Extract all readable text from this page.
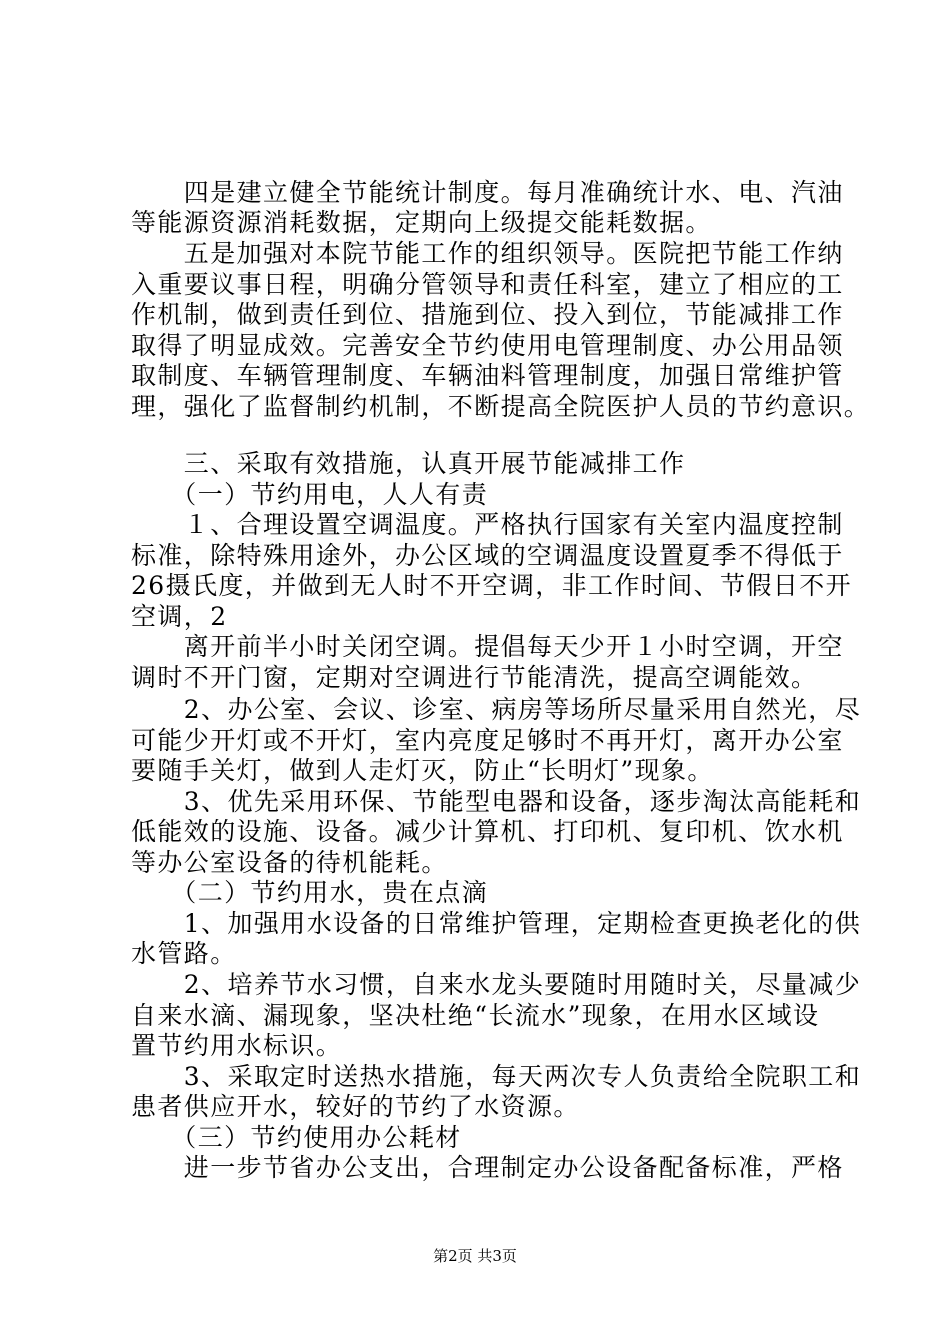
　　四是建立健全节能统计制度。每月准确统计水、电、汽油
等能源资源消耗数据，定期向上级提交能耗数据。
　　五是加强对本院节能工作的组织领导。医院把节能工作纳
入重要议事日程，明确分管领导和责任科室，建立了相应的工
作机制，做到责任到位、措施到位、投入到位，节能减排工作
取得了明显成效。完善安全节约使用电管理制度、办公用品领
取制度、车辆管理制度、车辆油料管理制度，加强日常维护管
理，强化了监督制约机制，不断提高全院医护人员的节约意识。
　　三、采取有效措施，认真开展节能减排工作
　　（一）节约用电，人人有责
　　１、合理设置空调温度。严格执行国家有关室内温度控制
标准，除特殊用途外，办公区域的空调温度设置夏季不得低于
26摄氏度，并做到无人时不开空调，非工作时间、节假日不开
空调，2
　　离开前半小时关闭空调。提倡每天少开１小时空调，开空
调时不开门窗，定期对空调进行节能清洗，提高空调能效。
　　2、办公室、会议、诊室、病房等场所尽量采用自然光，尽
可能少开灯或不开灯，室内亮度足够时不再开灯，离开办公室
要随手关灯，做到人走灯灭，防止“长明灯”现象。
　　3、优先采用环保、节能型电器和设备，逐步淘汰高能耗和
低能效的设施、设备。减少计算机、打印机、复印机、饮水机
等办公室设备的待机能耗。
　　（二）节约用水，贵在点滴
　　1、加强用水设备的日常维护管理，定期检查更换老化的供
水管路。
　　2、培养节水习惯，自来水龙头要随时用随时关，尽量减少
自来水滴、漏现象，坚决杜绝“长流水”现象，在用水区域设
置节约用水标识。
　　3、采取定时送热水措施，每天两次专人负责给全院职工和
患者供应开水，较好的节约了水资源。
　　（三）节约使用办公耗材
　　进一步节省办公支出，合理制定办公设备配备标准，严格
第2页 共3页
